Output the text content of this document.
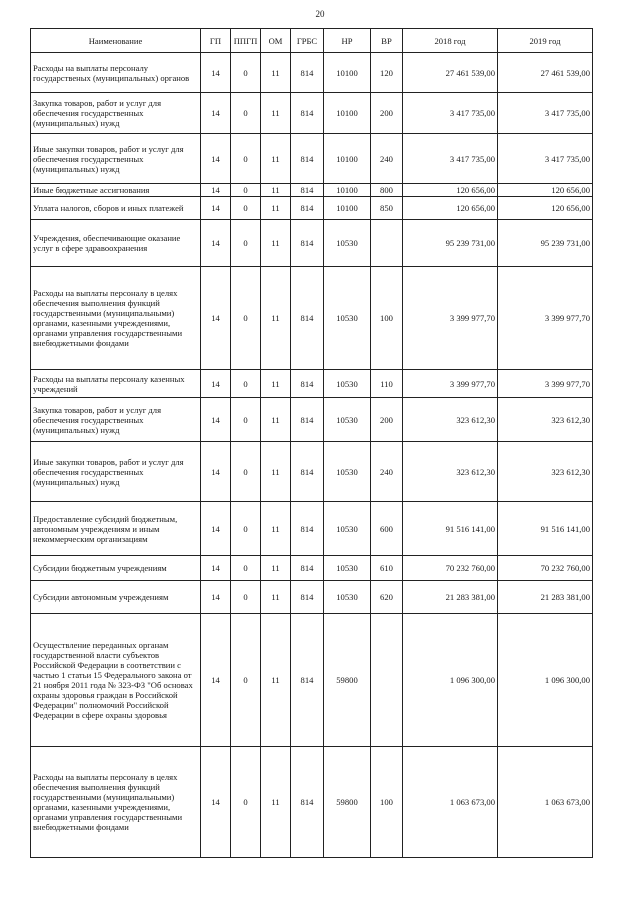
20
Наименование	ГП	ППГП	ОМ	ГРБС	НР	ВР	2018 год	2019 год
Расходы на выплаты персоналу государственых (муниципальных) органов	14	0	11	814	10100	120	27 461 539,00	27 461 539,00
Закупка товаров, работ и услуг для обеспечения государственных (муниципальных) нужд	14	0	11	814	10100	200	3 417 735,00	3 417 735,00
Иные закупки товаров, работ и услуг для обеспечения государственных (муниципальных) нужд	14	0	11	814	10100	240	3 417 735,00	3 417 735,00
Иные бюджетные ассигнования	14	0	11	814	10100	800	120 656,00	120 656,00
Уплата налогов, сборов и иных платежей	14	0	11	814	10100	850	120 656,00	120 656,00
Учреждения, обеспечивающие оказание услуг в сфере здравоохранения	14	0	11	814	10530		95 239 731,00	95 239 731,00
Расходы на выплаты персоналу в целях обеспечения выполнения функций государственными (муниципальными) органами, казенными учреждениями, органами управления государственными внебюджетными фондами	14	0	11	814	10530	100	3 399 977,70	3 399 977,70
Расходы на выплаты персоналу казенных учреждений	14	0	11	814	10530	110	3 399 977,70	3 399 977,70
Закупка товаров, работ и услуг для обеспечения государственных (муниципальных) нужд	14	0	11	814	10530	200	323 612,30	323 612,30
Иные закупки товаров, работ и услуг для обеспечения государственных (муниципальных) нужд	14	0	11	814	10530	240	323 612,30	323 612,30
Предоставление субсидий бюджетным, автономным учреждениям и иным некоммерческим организациям	14	0	11	814	10530	600	91 516 141,00	91 516 141,00
Субсидии бюджетным учреждениям	14	0	11	814	10530	610	70 232 760,00	70 232 760,00
Субсидии автономным учреждениям	14	0	11	814	10530	620	21 283 381,00	21 283 381,00
Осуществление переданных органам государственной власти субъектов Российской Федерации в соответствии с частью 1 статьи 15 Федерального закона от 21 ноября 2011 года № 323-ФЗ "Об основах охраны здоровья граждан в Российской Федерации" полномочий Российской Федерации в сфере охраны здоровья	14	0	11	814	59800		1 096 300,00	1 096 300,00
Расходы на выплаты персоналу в целях обеспечения выполнения функций государственными (муниципальными) органами, казенными учреждениями, органами управления государственными внебюджетными фондами	14	0	11	814	59800	100	1 063 673,00	1 063 673,00
